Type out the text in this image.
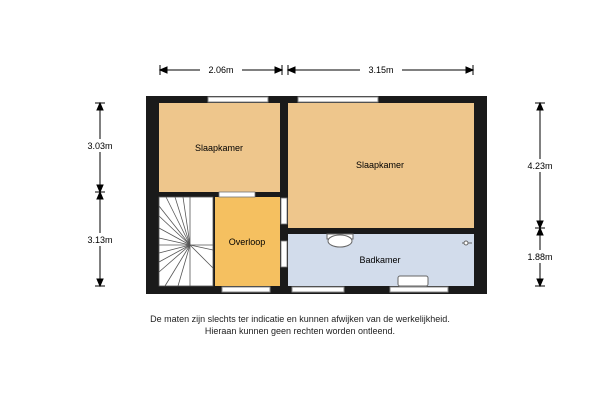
2.06m	3.15m
3.03m
3.13m
4.23m
1.88m
Slaapkamer
Slaapkamer
Overloop
Badkamer
De maten zijn slechts ter indicatie en kunnen afwijken van de werkelijkheid.
Hieraan kunnen geen rechten worden ontleend.
